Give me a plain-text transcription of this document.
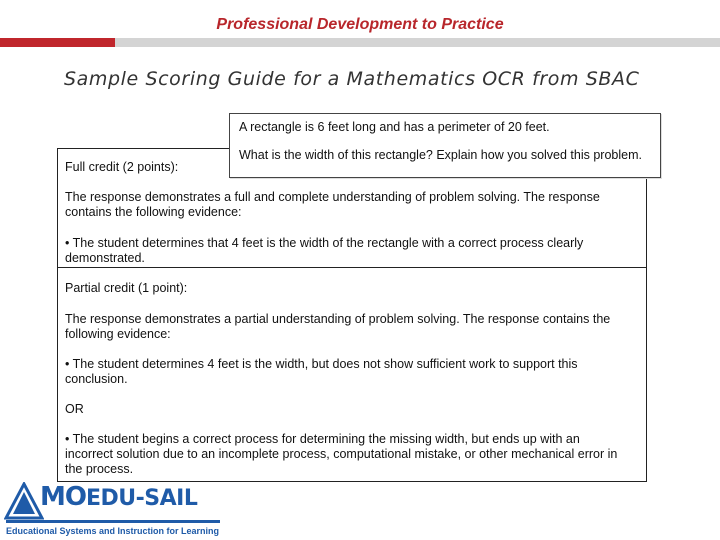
Professional Development to Practice
Sample Scoring Guide for a Mathematics OCR from SBAC
Full credit (2 points):
The response demonstrates a full and complete understanding of problem solving. The response
contains the following evidence:
• The student determines that 4 feet is the width of the rectangle with a correct process clearly
demonstrated.
Partial credit (1 point):
The response demonstrates a partial understanding of problem solving. The response contains the
following evidence:
• The student determines 4 feet is the width, but does not show sufficient work to support this
conclusion.
OR
• The student begins a correct process for determining the missing width, but ends up with an
incorrect solution due to an incomplete process, computational mistake, or other mechanical error in
the process.
A rectangle is 6 feet long and has a perimeter of 20 feet.
What is the width of this rectangle? Explain how you solved this problem.
MO EDU-SAIL
Educational Systems and Instruction for Learning
